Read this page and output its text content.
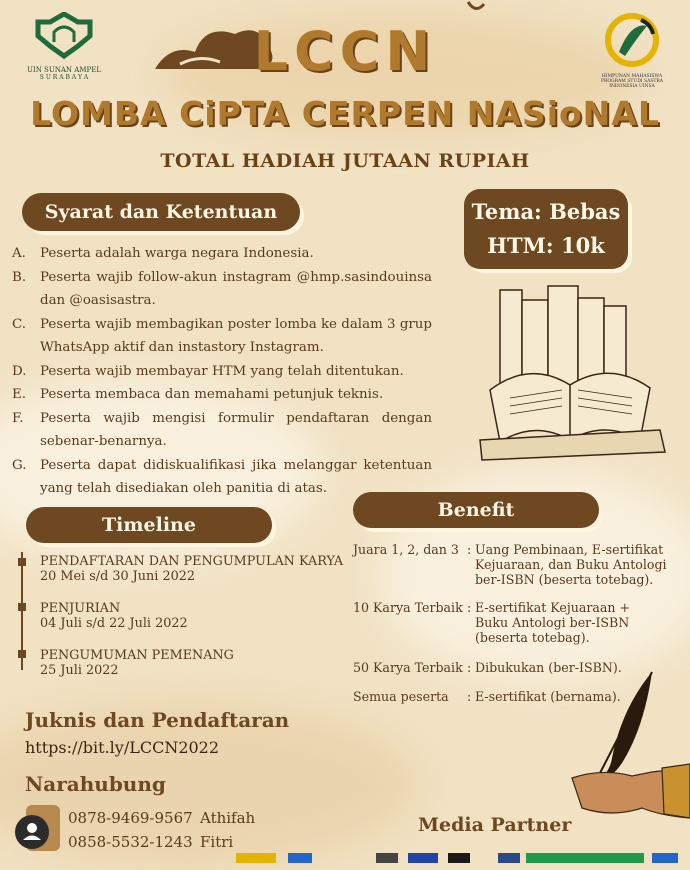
UIN SUNAN AMPEL
S U R A B A Y A	HIMPUNAN MAHASISWA PROGRAM STUDI SASTRA INDONESIA UINSA
LCCN
LOMBA CiPTA CERPEN NASioNAL
TOTAL HADIAH JUTAAN RUPIAH
Syarat dan Ketentuan	Tema: Bebas
HTM: 10k
A.	Peserta adalah warga negara Indonesia.
B.	Peserta wajib follow-akun instagram @hmp.sasindouinsa dan @oasisastra.
C.	Peserta wajib membagikan poster lomba ke dalam 3 grup WhatsApp aktif dan instastory Instagram.
D.	Peserta wajib membayar HTM yang telah ditentukan.
E.	Peserta membaca dan memahami petunjuk teknis.
F.	Peserta wajib mengisi formulir pendaftaran dengan sebenar-benarnya.
G.	Peserta dapat didiskualifikasi jika melanggar ketentuan yang telah disediakan oleh panitia di atas.
Timeline
PENDAFTARAN DAN PENGUMPULAN KARYA
20 Mei s/d 30 Juni 2022
PENJURIAN
04 Juli s/d 22 Juli 2022
PENGUMUMAN PEMENANG
25 Juli 2022
Benefit
Juara 1, 2, dan 3 : Uang Pembinaan, E-sertifikat Kejuaraan, dan Buku Antologi ber-ISBN (beserta totebag).
10 Karya Terbaik : E-sertifikat Kejuaraan + Buku Antologi ber-ISBN (beserta totebag).
50 Karya Terbaik : Dibukukan (ber-ISBN).
Semua peserta	: E-sertifikat (bernama).
Juknis dan Pendaftaran
https://bit.ly/LCCN2022
Narahubung
0878-9469-9567 Athifah
0858-5532-1243 Fitri
Media Partner
